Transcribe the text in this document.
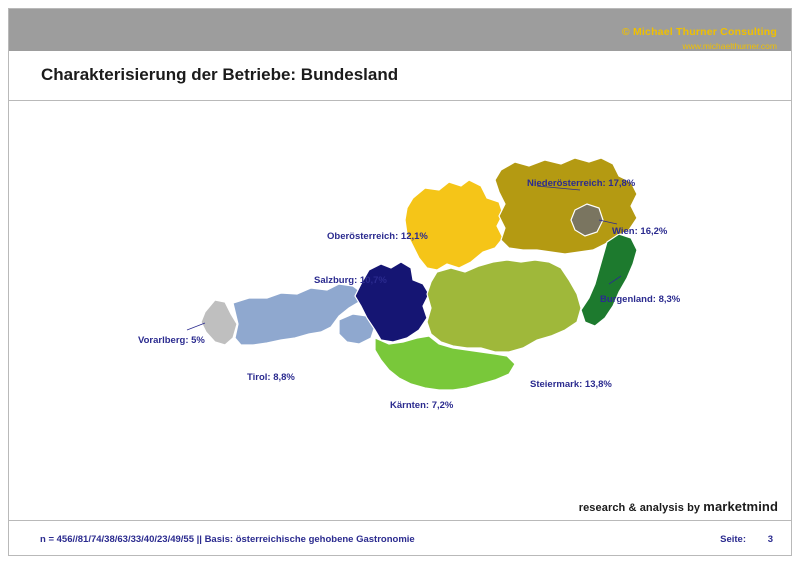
© Michael Thurner Consulting
www.michaelthurner.com
Charakterisierung der Betriebe: Bundesland
Niederösterreich: 17,8%
Wien: 16,2%
Steiermark: 13,8%
Oberösterreich: 12,1%
Salzburg: 10,7%
Tirol: 8,8%
Burgenland: 8,3%
Kärnten: 7,2%
Vorarlberg: 5%
research & analysis by marketmind
n = 456//81/74/38/63/33/40/23/49/55 || Basis: österreichische gehobene Gastronomie	Seite: 3
